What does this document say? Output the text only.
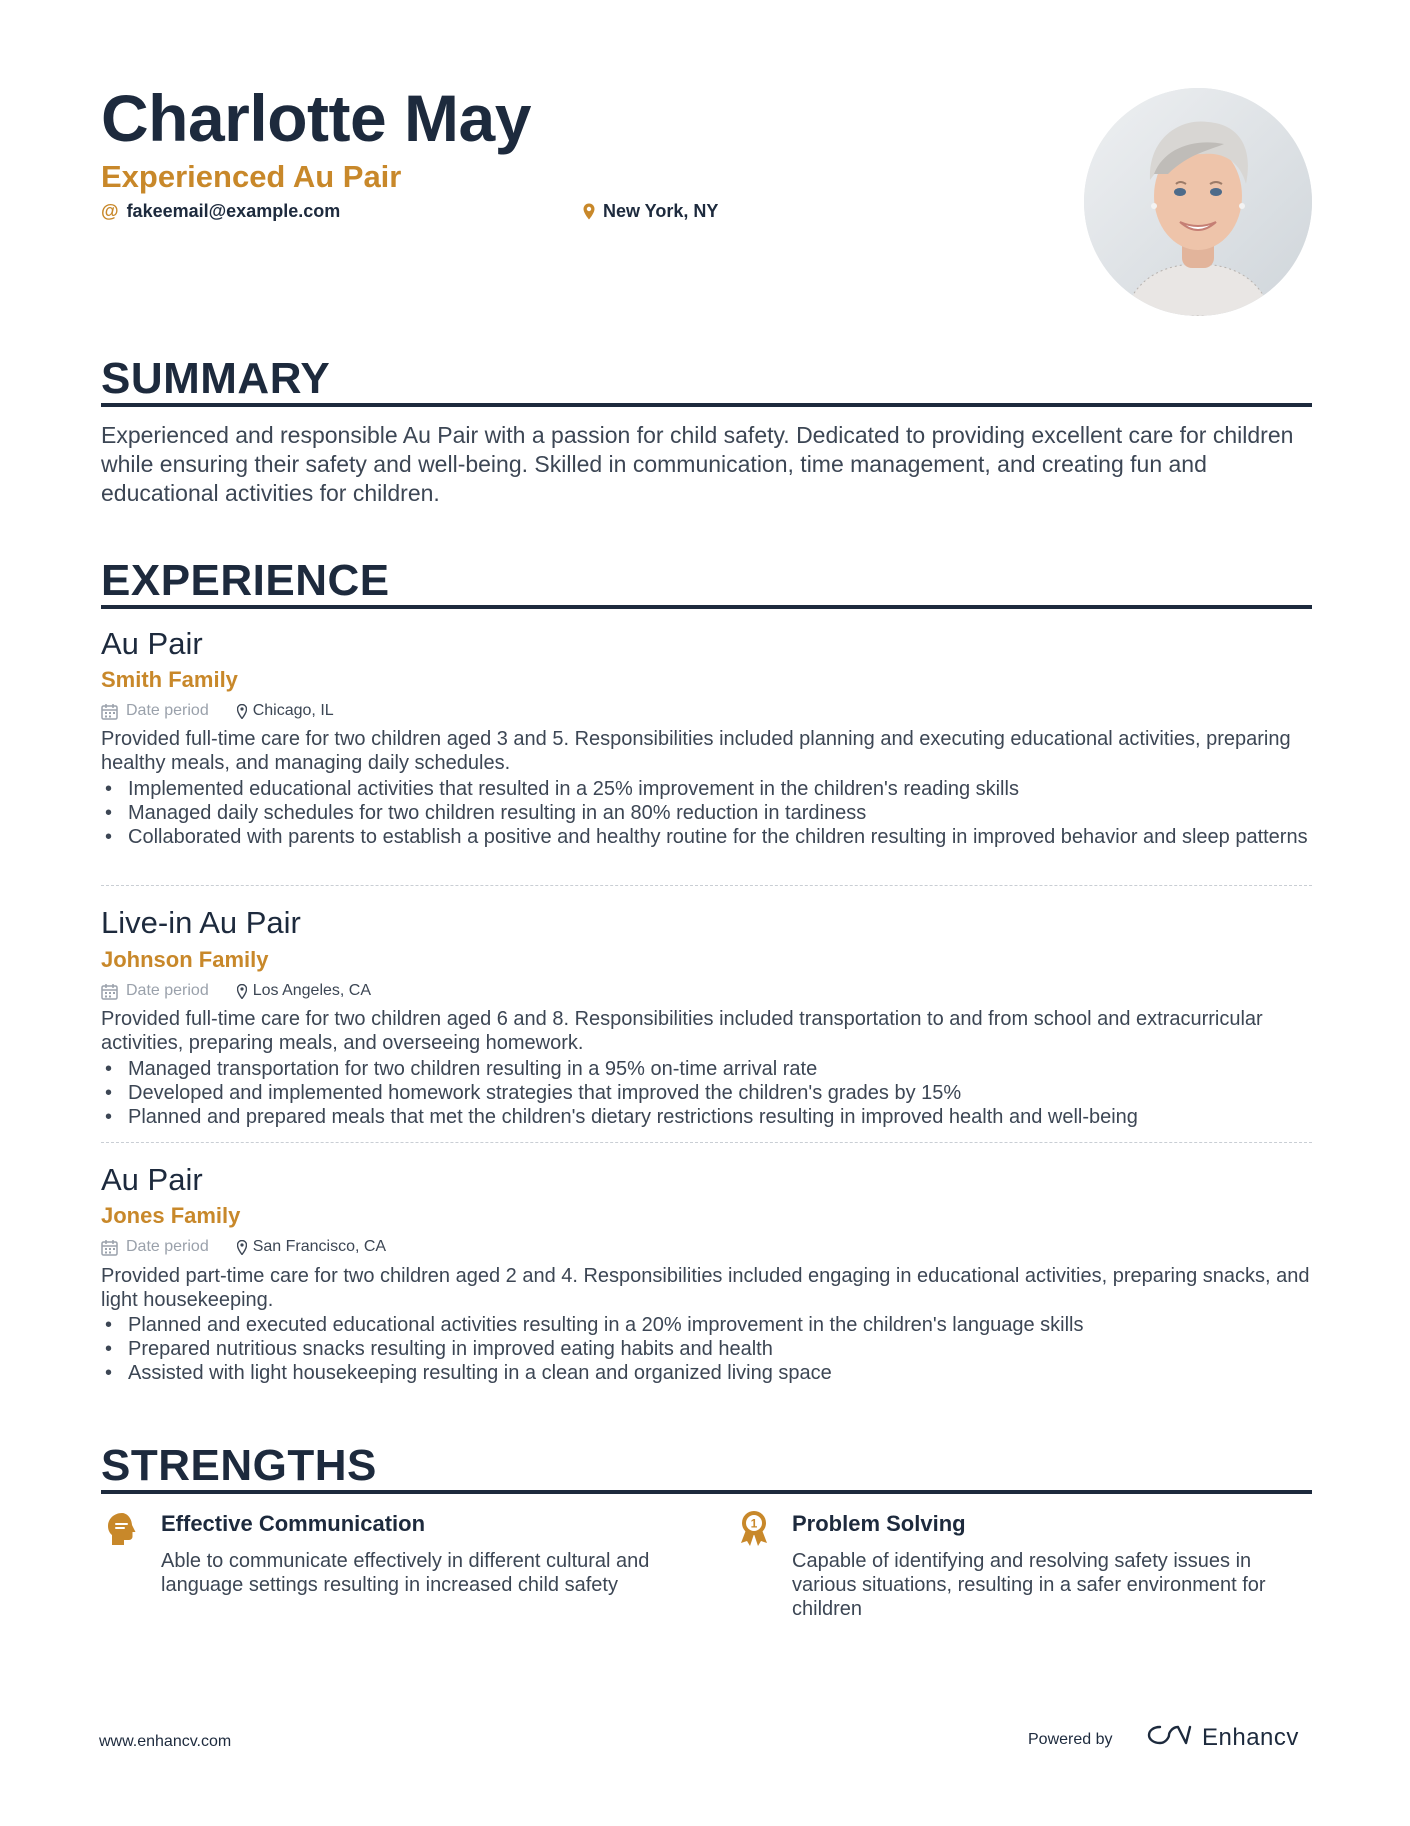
Charlotte May
Experienced Au Pair
@ fakeemail@example.com	New York, NY
SUMMARY

Experienced and responsible Au Pair with a passion for child safety. Dedicated to providing excellent care for children while ensuring their safety and well-being. Skilled in communication, time management, and creating fun and educational activities for children.

EXPERIENCE
Au Pair
Smith Family
Date period	Chicago, IL

Provided full-time care for two children aged 3 and 5. Responsibilities included planning and executing educational activities, preparing healthy meals, and managing daily schedules.

• Implemented educational activities that resulted in a 25% improvement in the children's reading skills
• Managed daily schedules for two children resulting in an 80% reduction in tardiness
• Collaborated with parents to establish a positive and healthy routine for the children resulting in improved behavior and sleep patterns
Live-in Au Pair
Johnson Family
Date period	Los Angeles, CA

Provided full-time care for two children aged 6 and 8. Responsibilities included transportation to and from school and extracurricular activities, preparing meals, and overseeing homework.

• Managed transportation for two children resulting in a 95% on-time arrival rate
• Developed and implemented homework strategies that improved the children's grades by 15%
• Planned and prepared meals that met the children's dietary restrictions resulting in improved health and well-being
Au Pair
Jones Family
Date period	San Francisco, CA

Provided part-time care for two children aged 2 and 4. Responsibilities included engaging in educational activities, preparing snacks, and light housekeeping.

• Planned and executed educational activities resulting in a 20% improvement in the children's language skills
• Prepared nutritious snacks resulting in improved eating habits and health
• Assisted with light housekeeping resulting in a clean and organized living space
STRENGTHS
Effective Communication

Able to communicate effectively in different cultural and language settings resulting in increased child safety

1 Problem Solving

Capable of identifying and resolving safety issues in various situations, resulting in a safer environment for children

www.enhancv.com	Powered by	Enhancv
